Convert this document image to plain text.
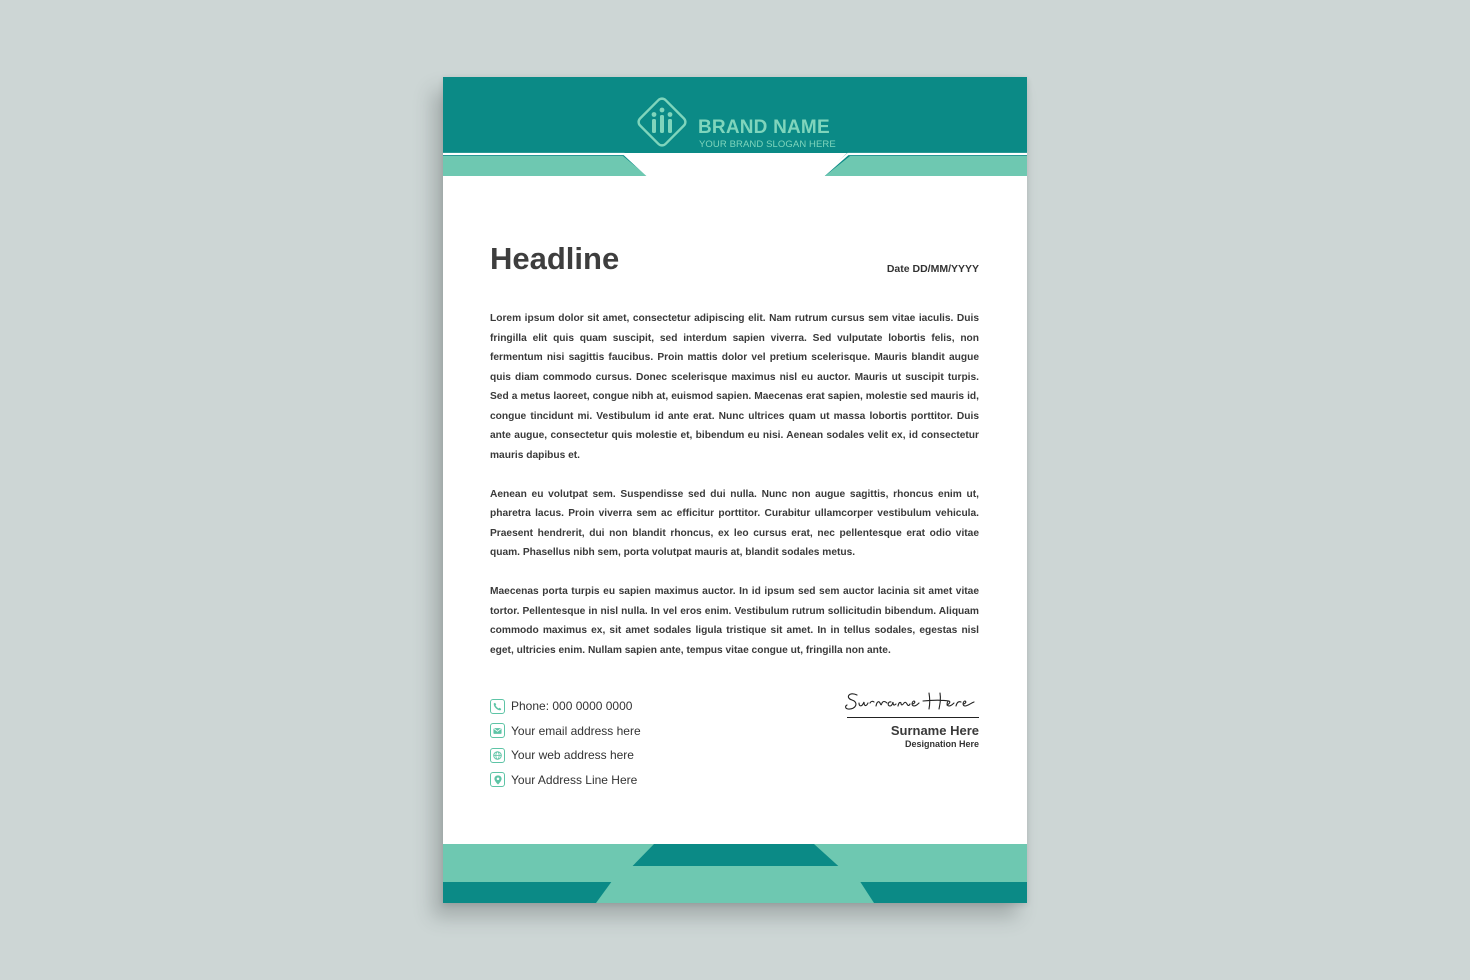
BRAND NAME
YOUR BRAND SLOGAN HERE
Headline	Date DD/MM/YYYY

Lorem ipsum dolor sit amet, consectetur adipiscing elit. Nam rutrum cursus sem vitae iaculis. Duis fringilla elit quis quam suscipit, sed interdum sapien viverra. Sed vulputate lobortis felis, non fermentum nisi sagittis faucibus. Proin mattis dolor vel pretium scelerisque. Mauris blandit augue quis diam commodo cursus. Donec scelerisque maximus nisl eu auctor. Mauris ut suscipit turpis. Sed a metus laoreet, congue nibh at, euismod sapien. Maecenas erat sapien, molestie sed mauris id, congue tincidunt mi. Vestibulum id ante erat. Nunc ultrices quam ut massa lobortis porttitor. Duis ante augue, consectetur quis molestie et, bibendum eu nisi. Aenean sodales velit ex, id consectetur mauris dapibus et.

Aenean eu volutpat sem. Suspendisse sed dui nulla. Nunc non augue sagittis, rhoncus enim ut, pharetra lacus. Proin viverra sem ac efficitur porttitor. Curabitur ullamcorper vestibulum vehicula. Praesent hendrerit, dui non blandit rhoncus, ex leo cursus erat, nec pellentesque erat odio vitae quam. Phasellus nibh sem, porta volutpat mauris at, blandit sodales metus.

Maecenas porta turpis eu sapien maximus auctor. In id ipsum sed sem auctor lacinia sit amet vitae tortor. Pellentesque in nisl nulla. In vel eros enim. Vestibulum rutrum sollicitudin bibendum. Aliquam commodo maximus ex, sit amet sodales ligula tristique sit amet. In in tellus sodales, egestas nisl eget, ultricies enim. Nullam sapien ante, tempus vitae congue ut, fringilla non ante.

Phone: 000 0000 0000
Your email address here
Your web address here
Your Address Line Here
Surname Here
Designation Here
